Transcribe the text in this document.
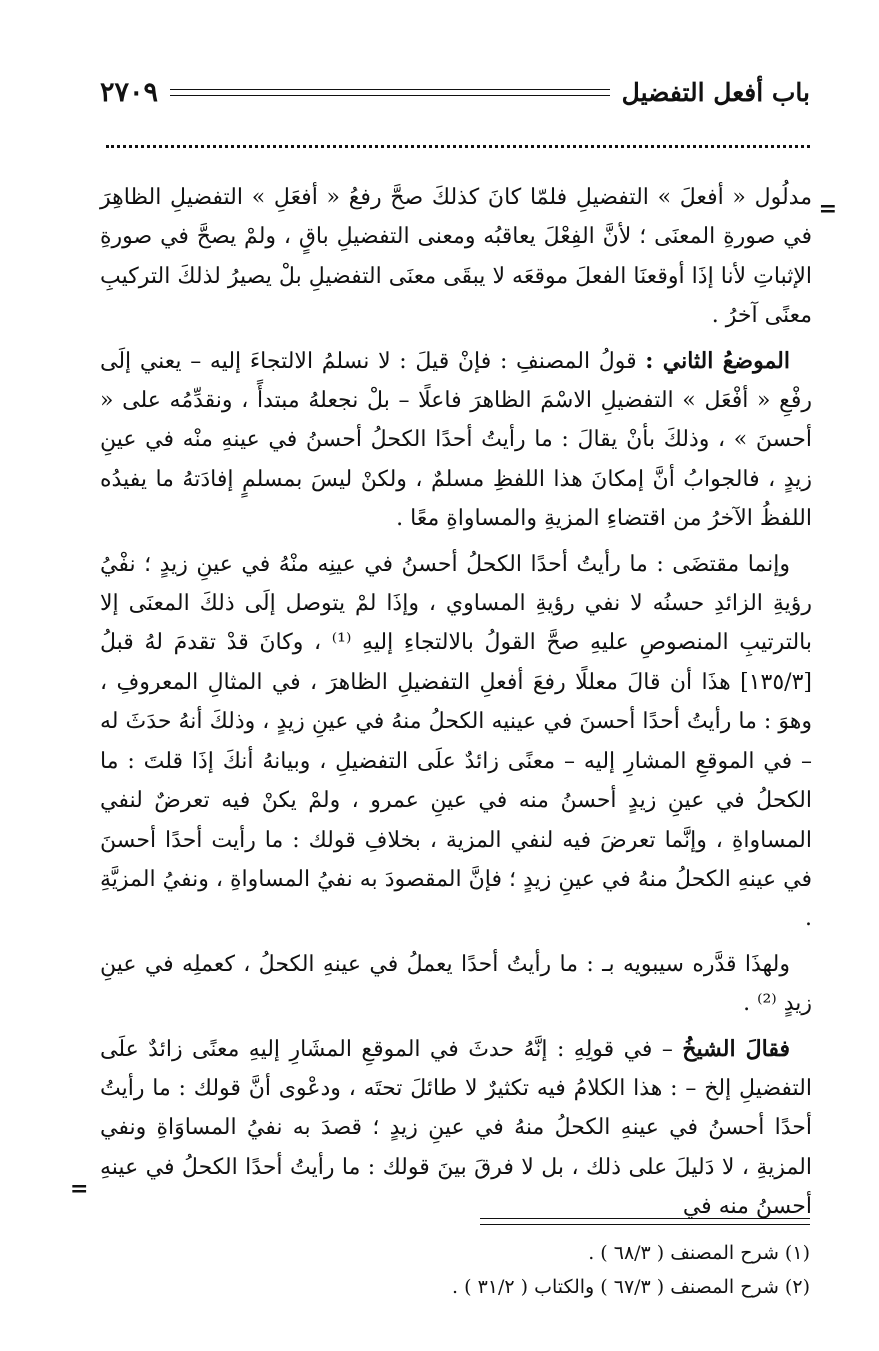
باب أفعل التفضيل
٢٧٠٩
=

مدلُول « أفعلَ » التفضيلِ فلمّا كانَ كذلكَ صحَّ رفعُ « أفعَلِ » التفضيلِ الظاهِرَ في صورةِ المعنَى ؛ لأنَّ الفِعْلَ يعاقبُه ومعنى التفضيلِ باقٍ ، ولمْ يصحَّ في صورةِ الإثباتِ لأنا إذَا أوقعنَا الفعلَ موقعَه لا يبقَى معنَى التفضيلِ بلْ يصيرُ لذلكَ التركيبِ معنًى آخرُ .

الموضعُ الثاني : قولُ المصنفِ : فإنْ قيلَ : لا نسلمُ الالتجاءَ إليه – يعني إلَى رفْعِ « أفْعَل » التفضيلِ الاسْمَ الظاهرَ فاعلًا – بلْ نجعلهُ مبتدأً ، ونقدِّمُه على « أحسنَ » ، وذلكَ بأنْ يقالَ : ما رأيتُ أحدًا الكحلُ أحسنُ في عينهِ منْه في عينِ زيدٍ ، فالجوابُ أنَّ إمكانَ هذا اللفظِ مسلمٌ ، ولكنْ ليسَ بمسلمٍ إفادَتهُ ما يفيدُه اللفظُ الآخرُ من اقتضاءِ المزيةِ والمساواةِ معًا .

وإنما مقتضَى : ما رأيتُ أحدًا الكحلُ أحسنُ في عينِه منْهُ في عينِ زيدٍ ؛ نفْيُ رؤيةِ الزائدِ حسنُه لا نفي رؤيةِ المساوي ، وإذَا لمْ يتوصل إلَى ذلكَ المعنَى إلا بالترتيبِ المنصوصِ عليهِ صحَّ القولُ بالالتجاءِ إليهِ ⁽¹⁾ ، وكانَ قدْ تقدمَ لهُ قبلُ [١٣٥/٣] هذَا أن قالَ معللًا رفعَ أفعلِ التفضيلِ الظاهرَ ، في المثالِ المعروفِ ، وهوَ : ما رأيتُ أحدًا أحسنَ في عينيه الكحلُ منهُ في عينِ زيدٍ ، وذلكَ أنهُ حدَثَ له – في الموقعِ المشارِ إليه – معنًى زائدٌ علَى التفضيلِ ، وبيانهُ أنكَ إذَا قلتَ : ما الكحلُ في عينِ زيدٍ أحسنُ منه في عينِ عمرو ، ولمْ يكنْ فيه تعرضٌ لنفي المساواةِ ، وإنَّما تعرضَ فيه لنفي المزية ، بخلافِ قولك : ما رأيت أحدًا أحسنَ في عينهِ الكحلُ منهُ في عينِ زيدٍ ؛ فإنَّ المقصودَ به نفيُ المساواةِ ، ونفيُ المزيَّةِ .

ولهذَا قدَّره سيبويه بـ : ما رأيتُ أحدًا يعملُ في عينهِ الكحلُ ، كعملِه في عينِ زيدٍ ⁽²⁾ .

فقالَ الشيخُ – في قولِهِ : إنَّهُ حدثَ في الموقعِ المشَارِ إليهِ معنًى زائدٌ علَى التفضيلِ إلخ – : هذا الكلامُ فيه تكثيرٌ لا طائلَ تحتَه ، ودعْوى أنَّ قولك : ما رأيتُ أحدًا أحسنُ في عينهِ الكحلُ منهُ في عينِ زيدٍ ؛ قصدَ به نفيُ المساوَاةِ ونفي المزيةِ ، لا دَليلَ على ذلك ، بل لا فرقَ بينَ قولك : ما رأيتُ أحدًا الكحلُ في عينهِ أحسنُ منه في

=
(١) شرح المصنف ( ٦٨/٣ ) .
(٢) شرح المصنف ( ٦٧/٣ ) والكتاب ( ٣١/٢ ) .
